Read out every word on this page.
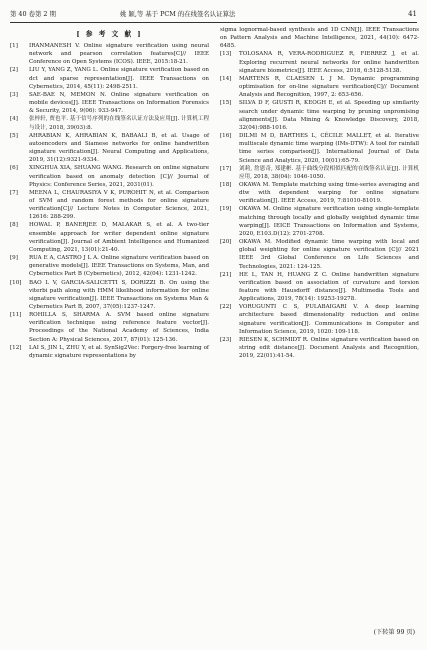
第 40 卷第 2 期	姚 颖,等 基于 PCM 的在线签名认证算法	41
[ 参 考 文 献 ]

[1] IRANMANESH V. Online signature verification using neural network and pearson correlation features[C]// IEEE Conference on Open Systems (ICOS). IEEE, 2015:18-21.

[2] LIU Y, YANG Z, YANG L. Online signature verification based on dct and sparse representation[J]. IEEE Transactions on Cybernetics, 2014, 45(11): 2498-2511.

[3] SAE-BAE N, MEMON N. Online signature verification on mobile devices[J]. IEEE Transactions on Information Forensics & Security, 2014, 9(06): 933-947.

[4] 张梓轩, 贾也平. 基于信号序列的在线签名认证方法及应用[J]. 计算机工程与设计, 2018, 39(03):8.

[5] AHRABIAN K, AHRABIAN K, BABAALI B, et al. Usage of autoencoders and Siamese networks for online handwritten signature verification[J]. Neural Computing and Applications, 2019, 31(12):9321-9334.

[6] XINGHUA XIA, SHUANG WANG. Research on online signature verification based on anomaly detection [C]// Journal of Physics: Conference Series, 2021, 2031(01).

[7] MEENA L, CHAURASIYA V K, PUROHIT N, et al. Comparison of SVM and random forest methods for online signature verification[C]// Lecture Notes in Computer Science, 2021, 12616: 288-299.

[8] HOWAL P, BANERJEE D, MALAKAR S, et al. A two-tier ensemble approach for writer dependent online signature verification[J]. Journal of Ambient Intelligence and Humanized Computing, 2021, 13(01):21-40.

[9] RUA E A, CASTRO J L A. Online signature verification based on generative models[J]. IEEE Transactions on Systems, Man, and Cybernetics Part B (Cybernetics), 2012, 42(04): 1231-1242.

[10] BAO L V, GARCIA-SALICETTI S, DORIZZI B. On using the viterbi path along with HMM likelihood information for online signature verification[J]. IEEE Transactions on Systems Man & Cybernetics Part B, 2007, 37(05):1237-1247.

[11] ROHILLA S, SHARMA A. SVM based online signature verification technique using reference feature vector[J]. Proceedings of the National Academy of Sciences, India Section A: Physical Sciences, 2017, 87(01): 125-136.

[12] LAI S, JIN L, ZHU Y, et al. SynSig2Vec: Forgery-free learning of dynamic signature representations by

sigma lognormal-based synthesis and 1D CNN[J]. IEEE Transactions on Pattern Analysis and Machine Intelligence, 2021, 44(10): 6472-6485.

[13] TOLOSANA R, VERA-RODRIGUEZ R, FIERREZ J, et al. Exploring recurrent neural networks for online handwritten signature biometrics[J]. IEEE Access, 2018, 6:5128-5138.

[14] MARTENS R, CLAESEN L J M. Dynamic programming optimisation for on-line signature verification[C]// Document Analysis and Recognition, 1997, 2: 653-656.

[15] SILVA D F, GIUSTI R, KEOGH E, et al. Speeding up similarity search under dynamic time warping by pruning unpromising alignments[J]. Data Mining & Knowledge Discovery, 2018, 32(04):988-1016.

[16] DILMI M D, BARTHES L, CÉCILE MALLET, et al. Iterative multiscale dynamic time warping (IMs-DTW): A tool for rainfall time series comparison[J]. International Journal of Data Science and Analytics, 2020, 10(01):65-79.

[17] 刘莉, 詹恩奇, 郑建彬. 基于曲线分段相似匹配的在线签名认证[J]. 计算机应用, 2018, 38(04): 1046-1050.

[18] OKAWA M. Template matching using time-series averaging and dtw with dependent warping for online signature verification[J]. IEEE Access, 2019, 7:81010-81019.

[19] OKAWA M. Online signature verification using single-template matching through locally and globally weighted dynamic time warping[J]. IEICE Transactions on Information and Systems, 2020, E103.D(12): 2701-2708.

[20] OKAWA M. Modified dynamic time warping with local and global weighting for online signature verification [C]// 2021 IEEE 3rd Global Conference on Life Sciences and Technologies, 2021: 124-125.

[21] HE L, TAN H, HUANG Z C. Online handwritten signature verification based on association of curvature and torsion feature with Hausdorff distance[J]. Multimedia Tools and Applications, 2019, 78(14): 19253-19278.

[22] VORUGUNTI C S, PULABAIGARI V. A deep learning architecture based dimensionality reduction and online signature verification[J]. Communications in Computer and Information Science, 2019, 1020: 109-118.

[23] RIESEN K, SCHMIDT R. Online signature verification based on string edit distance[J]. Document Analysis and Recognition, 2019, 22(01):41-54.

(下转第 99 页)
